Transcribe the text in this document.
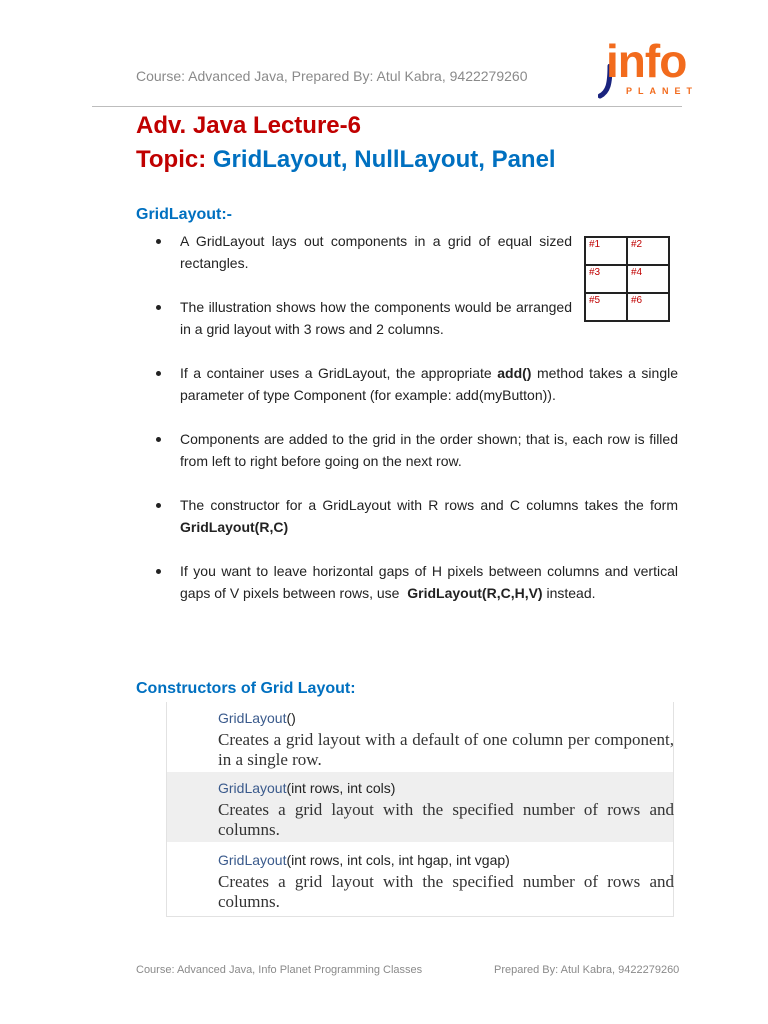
Course: Advanced Java, Prepared By: Atul Kabra, 9422279260 info
PLANET
Adv. Java Lecture-6
Topic: GridLayout, NullLayout, Panel
GridLayout:-
A GridLayout lays out components in a grid of equal sized rectangles.
The illustration shows how the components would be arranged in a grid layout with 3 rows and 2 columns.
If a container uses a GridLayout, the appropriate add() method takes a single parameter of type Component (for example: add(myButton)).
Components are added to the grid in the order shown; that is, each row is filled from left to right before going on the next row.
The constructor for a GridLayout with R rows and C columns takes the form GridLayout(R,C)
If you want to leave horizontal gaps of H pixels between columns and vertical gaps of V pixels between rows, use GridLayout(R,C,H,V) instead.
#1	#2
#3	#4
#5	#6
Constructors of Grid Layout:
GridLayout()
Creates a grid layout with a default of one column per component, in a single row.
GridLayout(int rows, int cols)
Creates a grid layout with the specified number of rows and columns.
GridLayout(int rows, int cols, int hgap, int vgap)
Creates a grid layout with the specified number of rows and columns.
Course: Advanced Java, Info Planet Programming Classes	Prepared By: Atul Kabra, 9422279260
